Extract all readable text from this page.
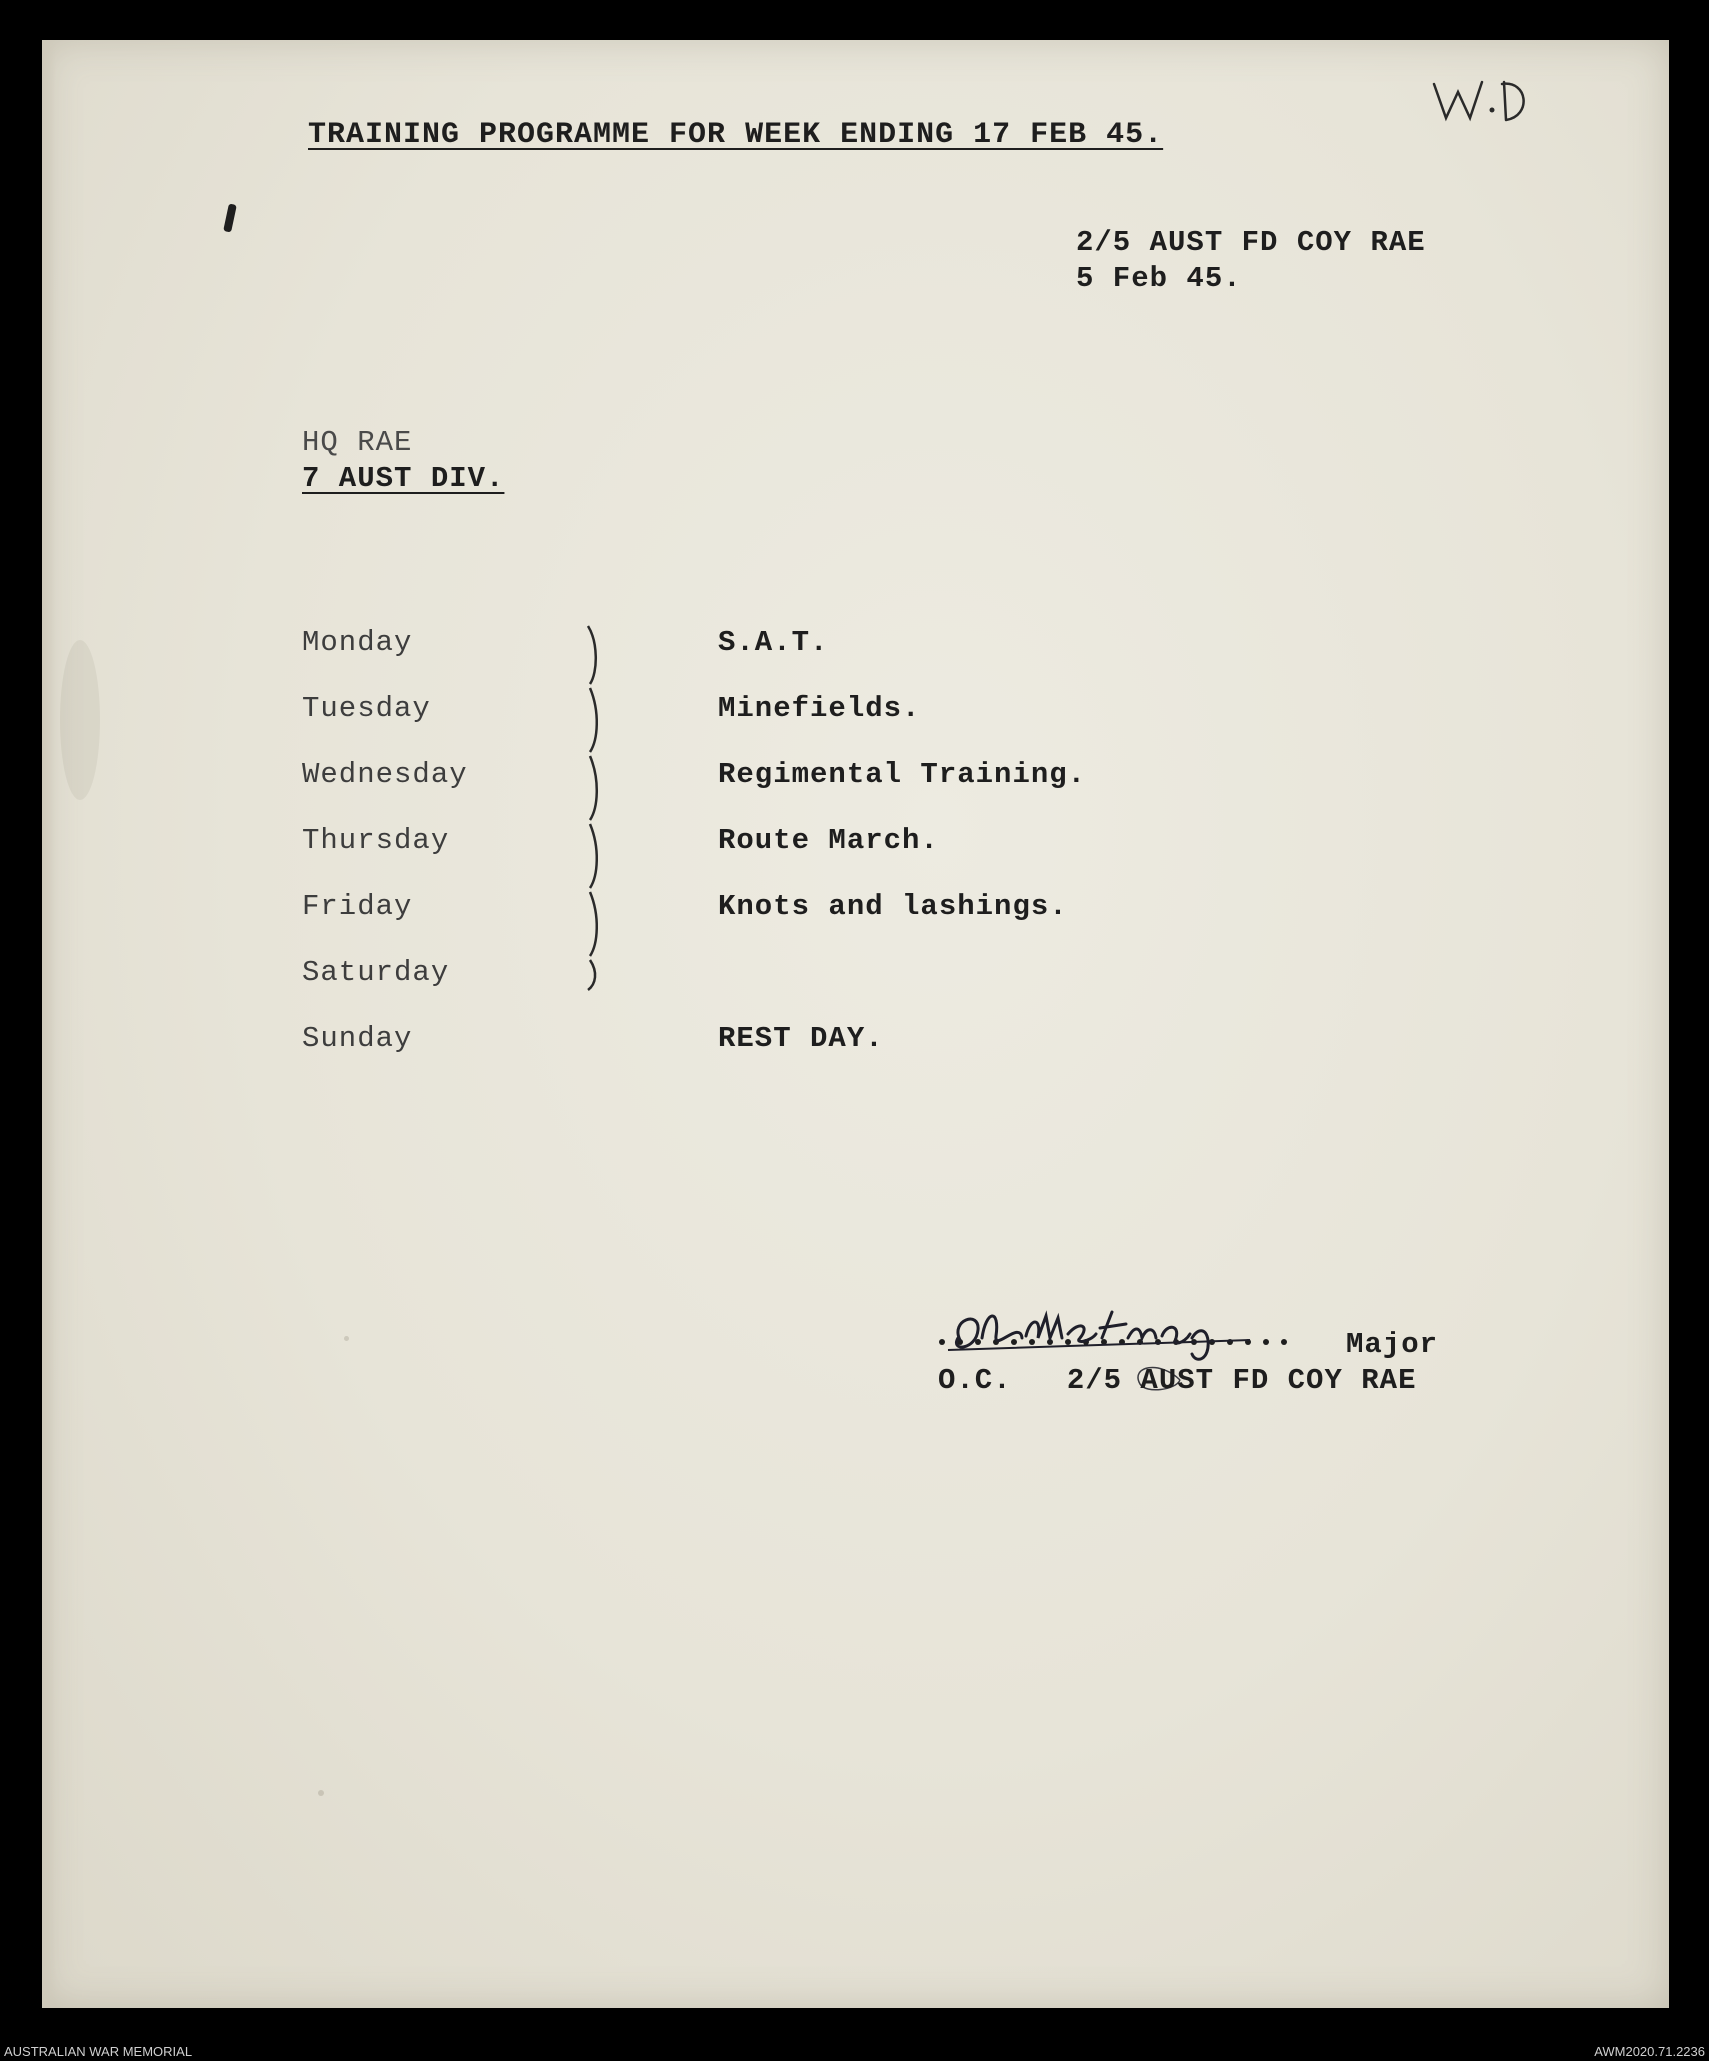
TRAINING PROGRAMME FOR WEEK ENDING 17 FEB 45.
2/5 AUST FD COY RAE
5 Feb 45.
HQ RAE
7 AUST DIV.
Monday	S.A.T.
Tuesday	Minefields.
Wednesday	Regimental Training.
Thursday	Route March.
Friday	Knots and lashings.
Saturday
Sunday	REST DAY.
Major
O.C.   2/5 AUST FD COY RAE
AUSTRALIAN WAR MEMORIAL	AWM2020.71.2236
